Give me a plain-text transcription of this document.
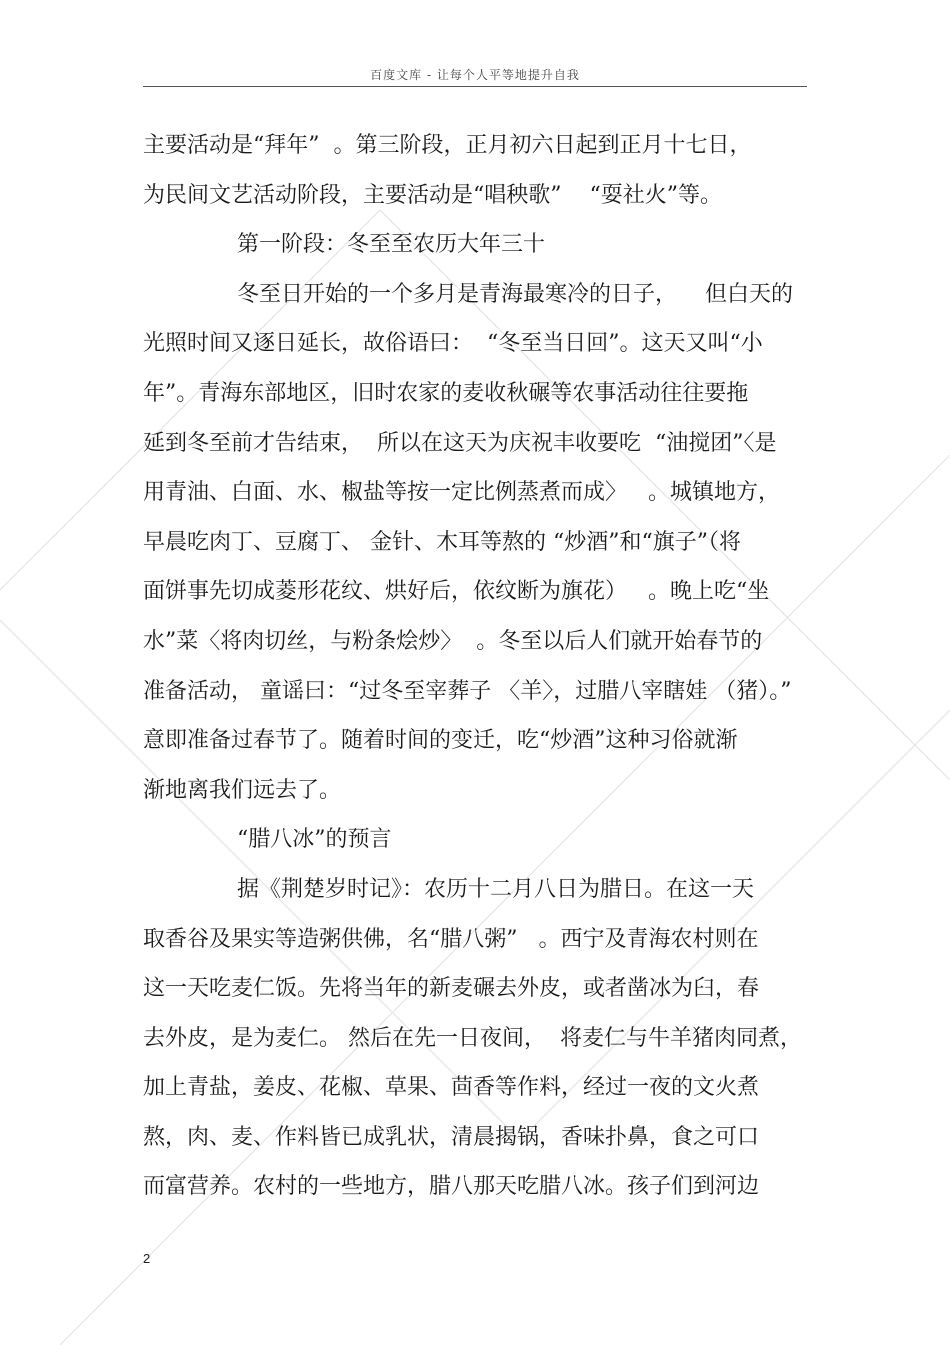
百度文库 - 让每个人平等地提升自我
主要活动是“拜年”  。第三阶段，正月初六日起到正月十七日，
为民间文艺活动阶段，主要活动是“唱秧歌”    “耍社火”等。
第一阶段：冬至至农历大年三十
冬至日开始的一个多月是青海最寒冷的日子，    但白天的
光照时间又逐日延长，故俗语曰：  “冬至当日回”。这天又叫“小
年”。青海东部地区，旧时农家的麦收秋碾等农事活动往往要拖
延到冬至前才告结束，  所以在这天为庆祝丰收要吃  “油搅团”〈是
用青油、白面、水、椒盐等按一定比例蒸煮而成〉   。城镇地方，
早晨吃肉丁、豆腐丁、 金针、木耳等熬的 “炒酒”和“旗子”（将
面饼事先切成菱形花纹、烘好后，依纹断为旗花）   。晚上吃“坐
水”菜〈将肉切丝，与粉条烩炒〉  。冬至以后人们就开始春节的
准备活动， 童谣曰：“过冬至宰葬子 〈羊〉，过腊八宰瞎娃 （猪）。”
意即准备过春节了。随着时间的变迁，吃“炒酒”这种习俗就渐
渐地离我们远去了。
“腊八冰”的预言
据《荆楚岁时记》：农历十二月八日为腊日。在这一天
取香谷及果实等造粥供佛，名“腊八粥”   。西宁及青海农村则在
这一天吃麦仁饭。先将当年的新麦碾去外皮，或者凿冰为臼，春
去外皮，是为麦仁。 然后在先一日夜间，  将麦仁与牛羊猪肉同煮，
加上青盐，姜皮、花椒、草果、茴香等作料，经过一夜的文火煮
熬，肉、麦、作料皆已成乳状，清晨揭锅，香味扑鼻，食之可口
而富营养。农村的一些地方，腊八那天吃腊八冰。孩子们到河边
2
